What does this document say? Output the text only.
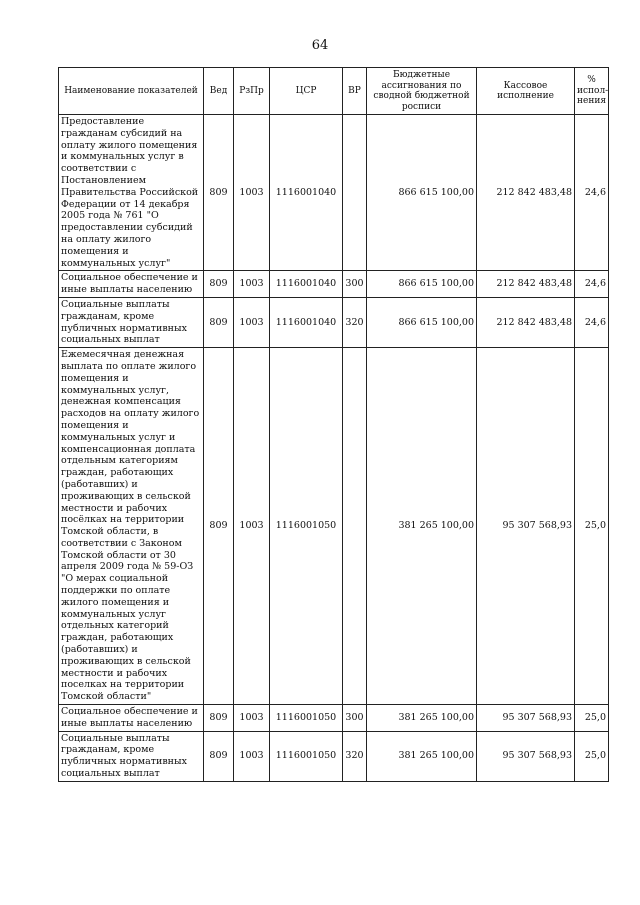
64
Наименование показателей	Вед	РзПр	ЦСР	ВР	Бюджетные ассигнования по сводной бюджетной росписи	Кассовое исполнение	% испол-нения
Предоставление гражданам субсидий на оплату жилого помещения и коммунальных услуг в соответствии с Постановлением Правительства Российской Федерации от 14 декабря 2005 года № 761 "О предоставлении субсидий на оплату жилого помещения и коммунальных услуг"	809	1003	1116001040		866 615 100,00	212 842 483,48	24,6
Социальное обеспечение и иные выплаты населению	809	1003	1116001040	300	866 615 100,00	212 842 483,48	24,6
Социальные выплаты гражданам, кроме публичных нормативных социальных выплат	809	1003	1116001040	320	866 615 100,00	212 842 483,48	24,6
Ежемесячная денежная выплата по оплате жилого помещения и коммунальных услуг, денежная компенсация расходов на оплату жилого помещения и коммунальных услуг и компенсационная доплата отдельным категориям граждан, работающих (работавших) и проживающих в сельской местности и рабочих посёлках на территории Томской области, в соответствии с Законом Томской области от 30 апреля 2009 года № 59-ОЗ "О мерах социальной поддержки по оплате жилого помещения и коммунальных услуг отдельных категорий граждан, работающих (работавших) и проживающих в сельской местности и рабочих поселках на территории Томской области"	809	1003	1116001050		381 265 100,00	95 307 568,93	25,0
Социальное обеспечение и иные выплаты населению	809	1003	1116001050	300	381 265 100,00	95 307 568,93	25,0
Социальные выплаты гражданам, кроме публичных нормативных социальных выплат	809	1003	1116001050	320	381 265 100,00	95 307 568,93	25,0
